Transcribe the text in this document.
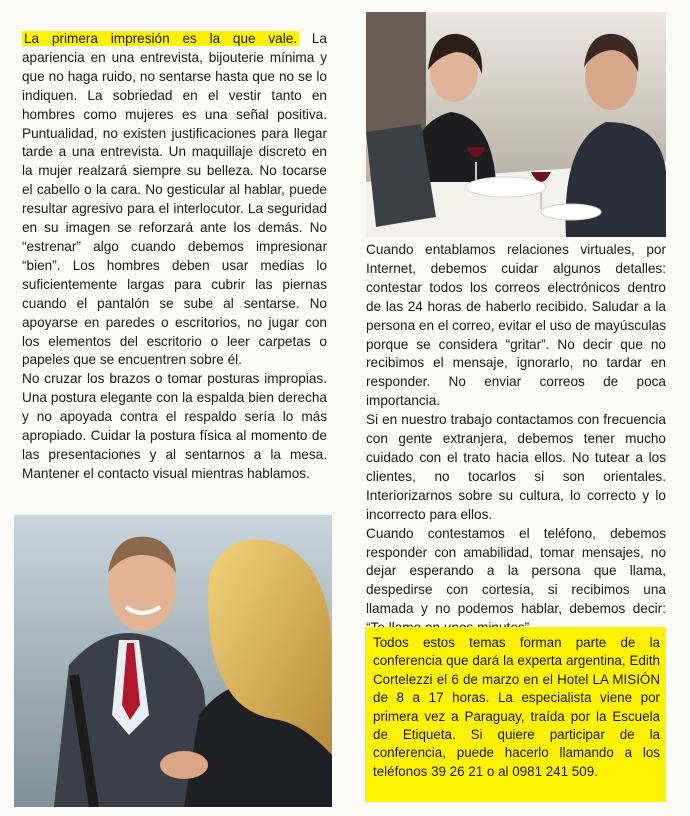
La primera impresión es la que vale. La apariencia en una entrevista, bijouterie mínima y que no haga ruido, no sentarse hasta que no se lo indiquen. La sobriedad en el vestir tanto en hombres como mujeres es una señal positiva. Puntualidad, no existen justificaciones para llegar tarde a una entrevista. Un maquillaje discreto en la mujer realzará siempre su belleza. No tocarse el cabello o la cara. No gesticular al hablar, puede resultar agresivo para el interlocutor. La seguridad en su imagen se reforzará ante los demás. No “estrenar” algo cuando debemos impresionar “bien”. Los hombres deben usar medias lo suficientemente largas para cubrir las piernas cuando el pantalón se sube al sentarse. No apoyarse en paredes o escritorios, no jugar con los elementos del escritorio o leer carpetas o papeles que se encuentren sobre él.

No cruzar los brazos o tomar posturas impropias. Una postura elegante con la espalda bien derecha y no apoyada contra el respaldo sería lo más apropiado. Cuidar la postura física al momento de las presentaciones y al sentarnos a la mesa. Mantener el contacto visual mientras hablamos.

Cuando entablamos relaciones virtuales, por Internet, debemos cuidar algunos detalles: contestar todos los correos electrónicos dentro de las 24 horas de haberlo recibido. Saludar a la persona en el correo, evitar el uso de mayúsculas porque se considera “gritar”. No decir que no recibimos el mensaje, ignorarlo, no tardar en responder. No enviar correos de poca importancia.

Si en nuestro trabajo contactamos con frecuencia con gente extranjera, debemos tener mucho cuidado con el trato hacia ellos. No tutear a los clientes, no tocarlos si son orientales. Interiorizarnos sobre su cultura, lo correcto y lo incorrecto para ellos.

Cuando contestamos el teléfono, debemos responder con amabilidad, tomar mensajes, no dejar esperando a la persona que llama, despedirse con cortesía, si recibimos una llamada y no podemos hablar, debemos decir:

Todos estos temas forman parte de la conferencia que dará la experta argentina, Edith Cortelezzi el 6 de marzo en el Hotel LA MISIÓN de 8 a 17 horas. La especialista viene por primera vez a Paraguay, traída por la Escuela de Etiqueta. Si quiere participar de la conferencia, puede hacerlo llamando a los teléfonos 39 26 21 o al 0981 241 509.
